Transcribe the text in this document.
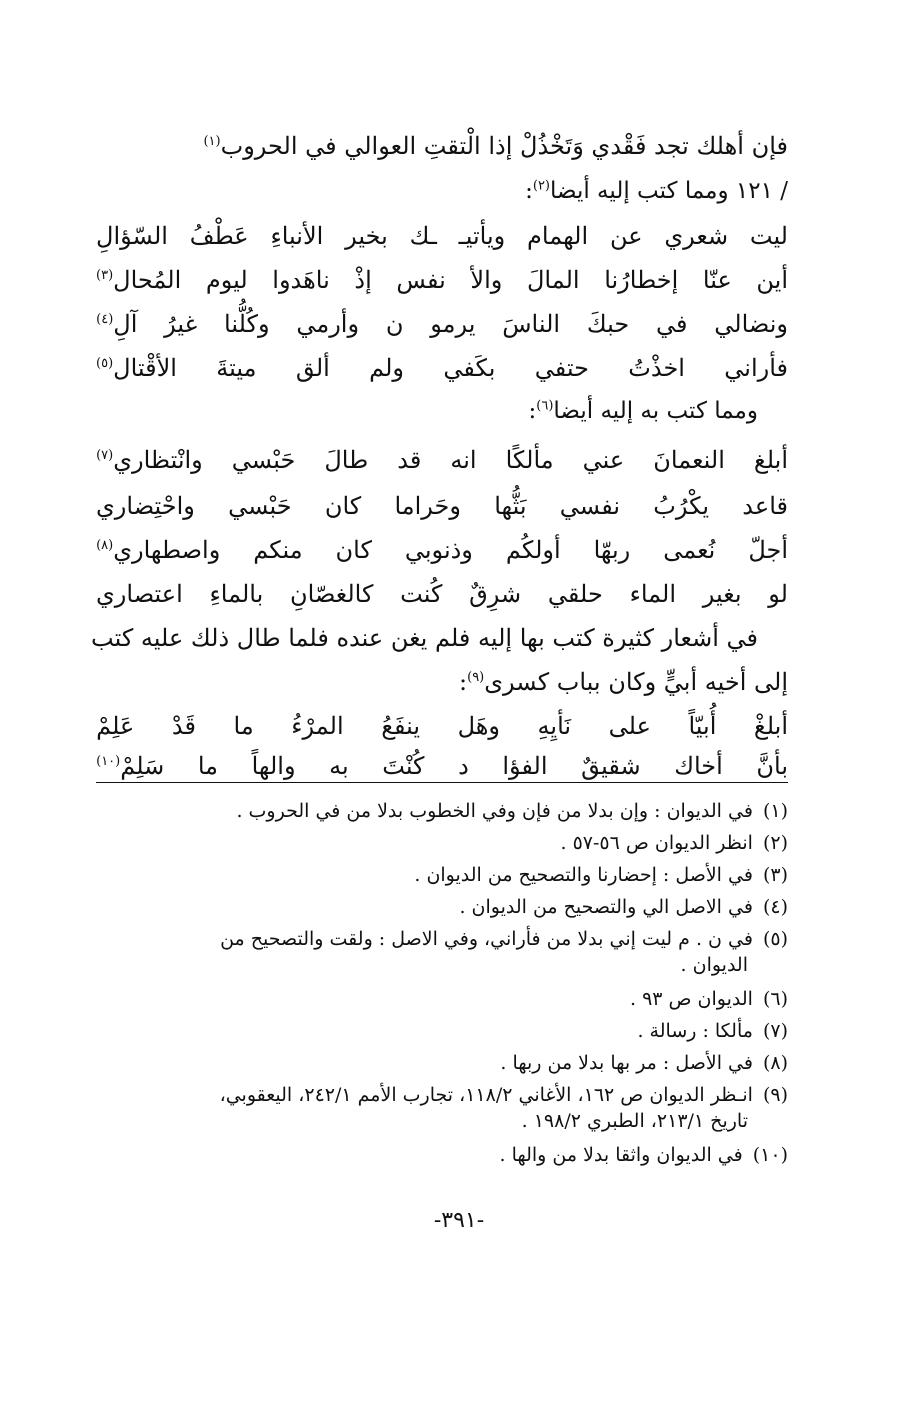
فإن أهلك تجد فَقْدي وَتَخْذُلْ إذا الْتقتِ العوالي في الحروب$^{(١)}$
/ ١٢١ ومما كتب إليه أيضا$^{(٢)}$:
ليت
شعري
عن
الهمام
ويأتيـ
ـك
بخير
الأنباءِ
عَطْفُ
السّؤالِ
أين
عنّا
إخطارُنا
المالَ
والأ
نفس
إذْ
ناهَدوا
ليوم
المُحال(٣)
ونضالي
في
حبكَ
الناسَ
يرمو
ن
وأرمي
وكُلُّنا
غيرُ
آلِ(٤)
فأراني
اخذْتُ
حتفي
بكَفي
ولم
ألق
ميتةَ
الأقْتال(٥)
ومما كتب به إليه أيضا$^{(٦)}$:
أبلغ
النعمانَ
عني
مألكًا
انه
قد
طالَ
حَبْسي
وانْتظاري(٧)
قاعد
يكْرُبُ
نفسي
بَثُّها
وحَراما
كان
حَبْسي
واحْتِضاري
أجلّ
نُعمى
ربهّا
أولكُم
وذنوبي
كان
منكم
واصطهاري(٨)
لو
بغير
الماء
حلقي
شرِقٌ
كُنت
كالغصّانِ
بالماءِ
اعتصاري
في أشعار كثيرة كتب بها إليه فلم يغن عنده فلما طال ذلك عليه كتب
إلى أخيه أبيٍّ وكان بباب كسرى$^{(٩)}$:
أبلغْ
أُبيّاً
على
نَأيِهِ
وهَل
ينفَعُ
المرْءُ
ما
قَدْ
عَلِمْ
بأنَّ
أخاك
شقيقٌ
الفؤا
د
كُنْتَ
به
والهاً
ما
سَلِمْ(١٠)
(١)في الديوان : وإن بدلا من فإن وفي الخطوب بدلا من في الحروب .
(٢)انظر الديوان ص ٥٦-٥٧ .
(٣)في الأصل : إحضارنا والتصحيح من الديوان .
(٤)في الاصل الي والتصحيح من الديوان .
(٥)في ن . م ليت إني بدلا من فأراني، وفي الاصل : ولقت والتصحيح من
الديوان .
(٦)الديوان ص ٩٣ .
(٧)مألكا : رسالة .
(٨)في الأصل : مر بها بدلا من ربها .
(٩)انـظر الديوان ص ١٦٢، الأغاني ١١٨/٢، تجارب الأمم ٢٤٢/١، اليعقوبي،
تاريخ ٢١٣/١، الطبري ١٩٨/٢ .
(١٠)في الديوان واثقا بدلا من والها .
-٣٩١-
